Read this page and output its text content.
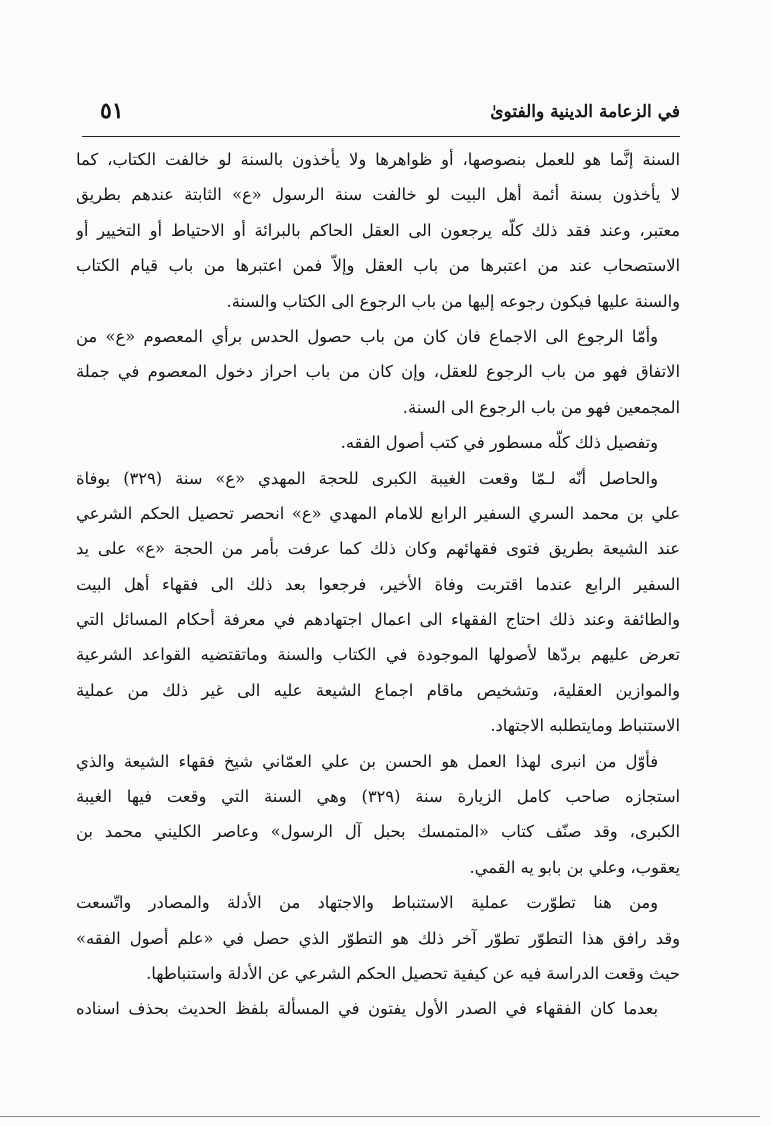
في الزعامة الدينية والفتوىٰ
٥١
السنة إنَّما هو للعمل بنصوصها، أو ظواهرها ولا يأخذون بالسنة لو خالفت الكتاب، كما
لا يأخذون بسنة أئمة أهل البيت لو خالفت سنة الرسول «ع» الثابتة عندهم بطريق
معتبر، وعند فقد ذلك كلّه يرجعون الى العقل الحاكم بالبرائة أو الاحتياط أو التخيير أو
الاستصحاب عند من اعتبرها من باب العقل وإلاّ فمن اعتبرها من باب قيام الكتاب
والسنة عليها فيكون رجوعه إليها من باب الرجوع الى الكتاب والسنة.
وأمّا الرجوع الى الاجماع فان كان من باب حصول الحدس برأي المعصوم «ع» من
الاتفاق فهو من باب الرجوع للعقل، وإن كان من باب احراز دخول المعصوم في جملة
المجمعين فهو من باب الرجوع الى السنة.
وتفصيل ذلك كلّه مسطور في كتب أصول الفقه.
والحاصل أنّه لـمّا وقعت الغيبة الكبرى للحجة المهدي «ع» سنة (٣٢٩) بوفاة
علي بن محمد السري السفير الرابع للامام المهدي «ع» انحصر تحصيل الحكم الشرعي
عند الشيعة بطريق فتوى فقهائهم وكان ذلك كما عرفت بأمر من الحجة «ع» على يد
السفير الرابع عندما اقتربت وفاة الأخير، فرجعوا بعد ذلك الى فقهاء أهل البيت
والطائفة وعند ذلك احتاج الفقهاء الى اعمال اجتهادهم في معرفة أحكام المسائل التي
تعرض عليهم بردّها لأصولها الموجودة في الكتاب والسنة وماتقتضيه القواعد الشرعية
والموازين العقلية، وتشخيص ماقام اجماع الشيعة عليه الى غير ذلك من عملية
الاستنباط ومايتطلبه الاجتهاد.
فأوّل من انبرى لهذا العمل هو الحسن بن علي العمّاني شيخ فقهاء الشيعة والذي
استجازه صاحب كامل الزيارة سنة (٣٢٩) وهي السنة التي وقعت فيها الغيبة
الكبرى، وقد صنّف كتاب «المتمسك بحبل آل الرسول» وعاصر الكليني محمد بن
يعقوب، وعلي بن بابو يه القمي.
ومن هنا تطوّرت عملية الاستنباط والاجتهاد من الأدلة والمصادر واتّسعت
وقد رافق هذا التطوّر تطوّر آخر ذلك هو التطوّر الذي حصل في «علم أصول الفقه»
حيث وقعت الدراسة فيه عن كيفية تحصيل الحكم الشرعي عن الأدلة واستنباطها.
بعدما كان الفقهاء في الصدر الأول يفتون في المسألة بلفظ الحديث بحذف اسناده
